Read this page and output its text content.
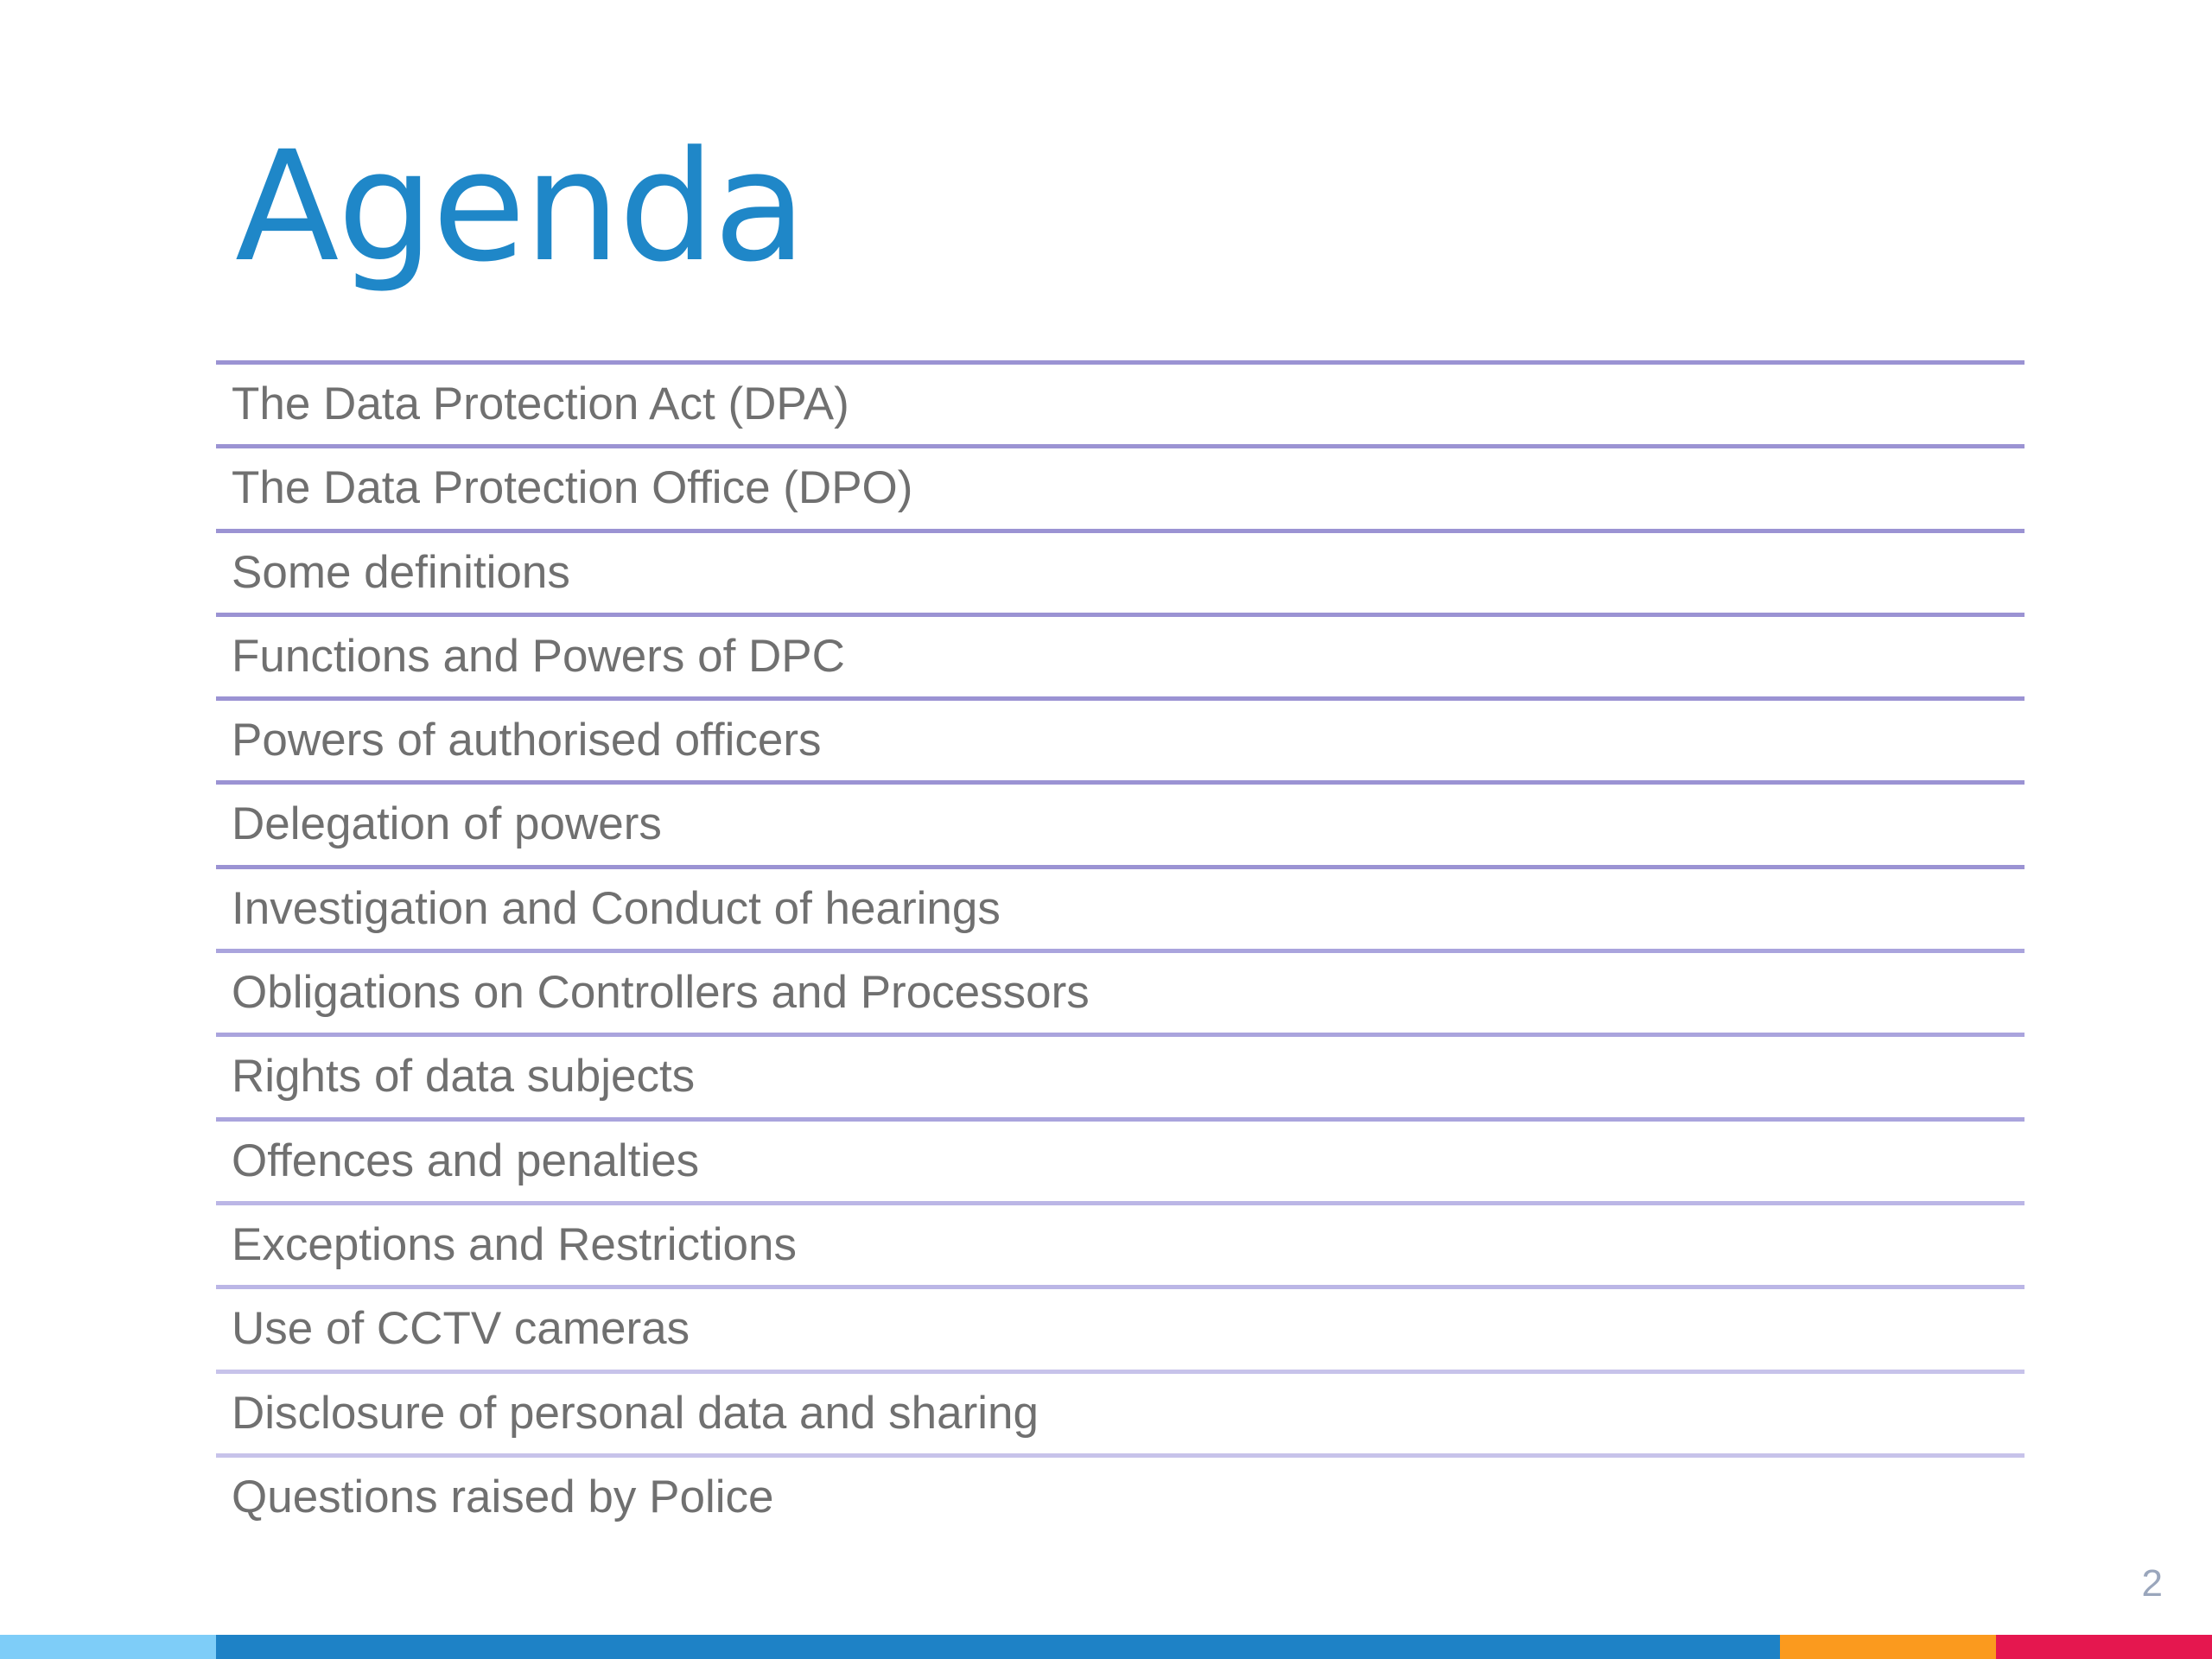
Agenda
The Data Protection Act (DPA)
The Data Protection Office (DPO)
Some definitions
Functions and Powers of DPC
Powers of authorised officers
Delegation of powers
Investigation and Conduct of hearings
Obligations on Controllers and Processors
Rights of data subjects
Offences and penalties
Exceptions and Restrictions
Use of CCTV cameras
Disclosure of personal data and sharing
Questions raised by Police
2
